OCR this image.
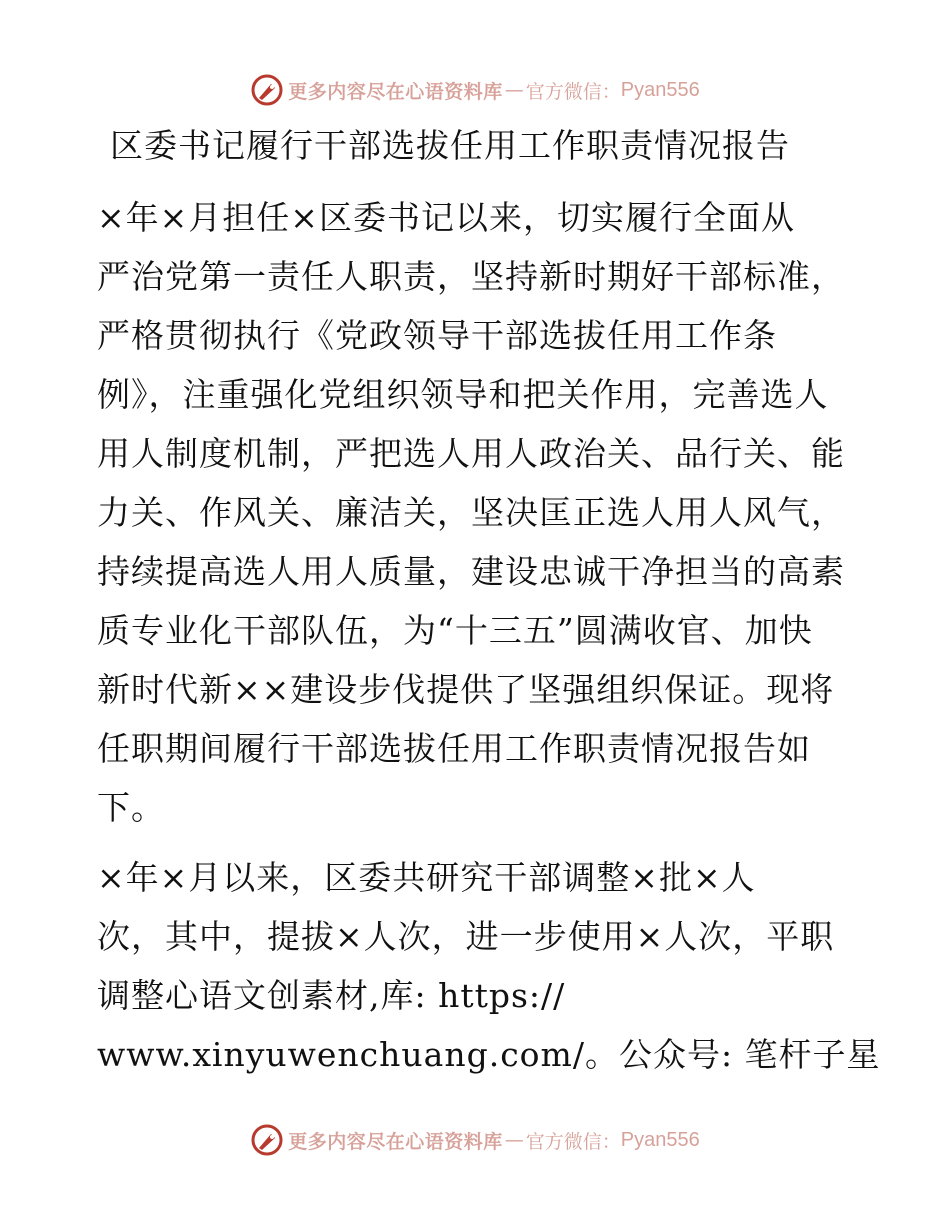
更多内容尽在心语资料库 — 官方微信： Pyan556
区委书记履行干部选拔任用工作职责情况报告
×年×月担任×区委书记以来，切实履行全面从
严治党第一责任人职责，坚持新时期好干部标准，
严格贯彻执行《党政领导干部选拔任用工作条
例》，注重强化党组织领导和把关作用，完善选人
用人制度机制，严把选人用人政治关、品行关、能
力关、作风关、廉洁关，坚决匡正选人用人风气，
持续提高选人用人质量，建设忠诚干净担当的高素
质专业化干部队伍，为“十三五”圆满收官、加快
新时代新××建设步伐提供了坚强组织保证。现将
任职期间履行干部选拔任用工作职责情况报告如
下。
×年×月以来，区委共研究干部调整×批×人
次，其中，提拔×人次，进一步使用×人次，平职
调整心语文创素材,库: https://
www.xinyuwenchuang.com/。公众号: 笔杆子星
更多内容尽在心语资料库 — 官方微信： Pyan556
